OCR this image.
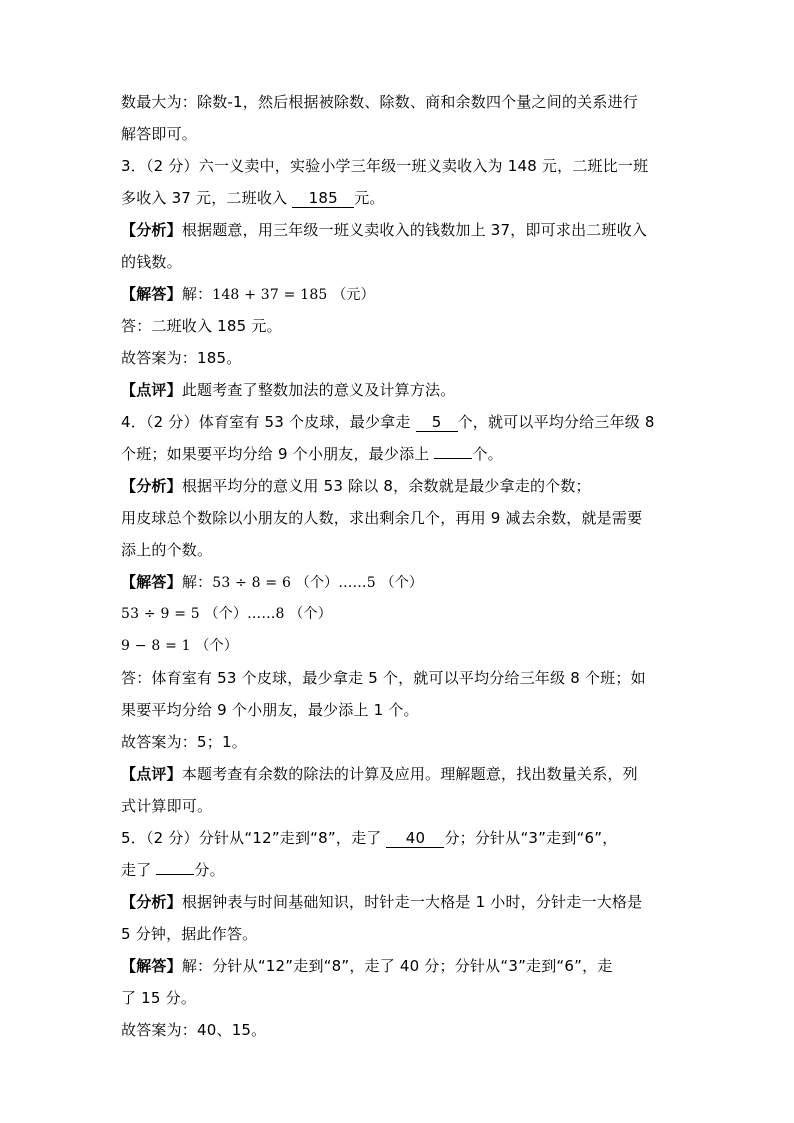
数最大为：除数-1，然后根据被除数、除数、商和余数四个量之间的关系进行
解答即可。
3．（2 分）六一义卖中，实验小学三年级一班义卖收入为 148 元，二班比一班
多收入 37 元，二班收入 185 元。
【分析】根据题意，用三年级一班义卖收入的钱数加上 37，即可求出二班收入
的钱数。
【解答】解：148 + 37 = 185 （元）
答：二班收入 185 元。
故答案为：185。
【点评】此题考查了整数加法的意义及计算方法。
4．（2 分）体育室有 53 个皮球，最少拿走 5 个，就可以平均分给三年级 8
个班；如果要平均分给 9 个小朋友，最少添上	个。
【分析】根据平均分的意义用 53 除以 8，余数就是最少拿走的个数；
用皮球总个数除以小朋友的人数，求出剩余几个，再用 9 减去余数，就是需要
添上的个数。
【解答】解：53 ÷ 8 = 6 （个）……5 （个）
53 ÷ 9 = 5 （个）……8 （个）
9 − 8 = 1 （个）
答：体育室有 53 个皮球，最少拿走 5 个，就可以平均分给三年级 8 个班；如
果要平均分给 9 个小朋友，最少添上 1 个。
故答案为：5；1。
【点评】本题考查有余数的除法的计算及应用。理解题意，找出数量关系，列
式计算即可。
5．（2 分）分针从“12”走到“8”，走了 40 分；分针从“3”走到“6”，
走了	分。
【分析】根据钟表与时间基础知识，时针走一大格是 1 小时，分针走一大格是
5 分钟，据此作答。
【解答】解：分针从“12”走到“8”，走了 40 分；分针从“3”走到“6”，走
了 15 分。
故答案为：40、15。
